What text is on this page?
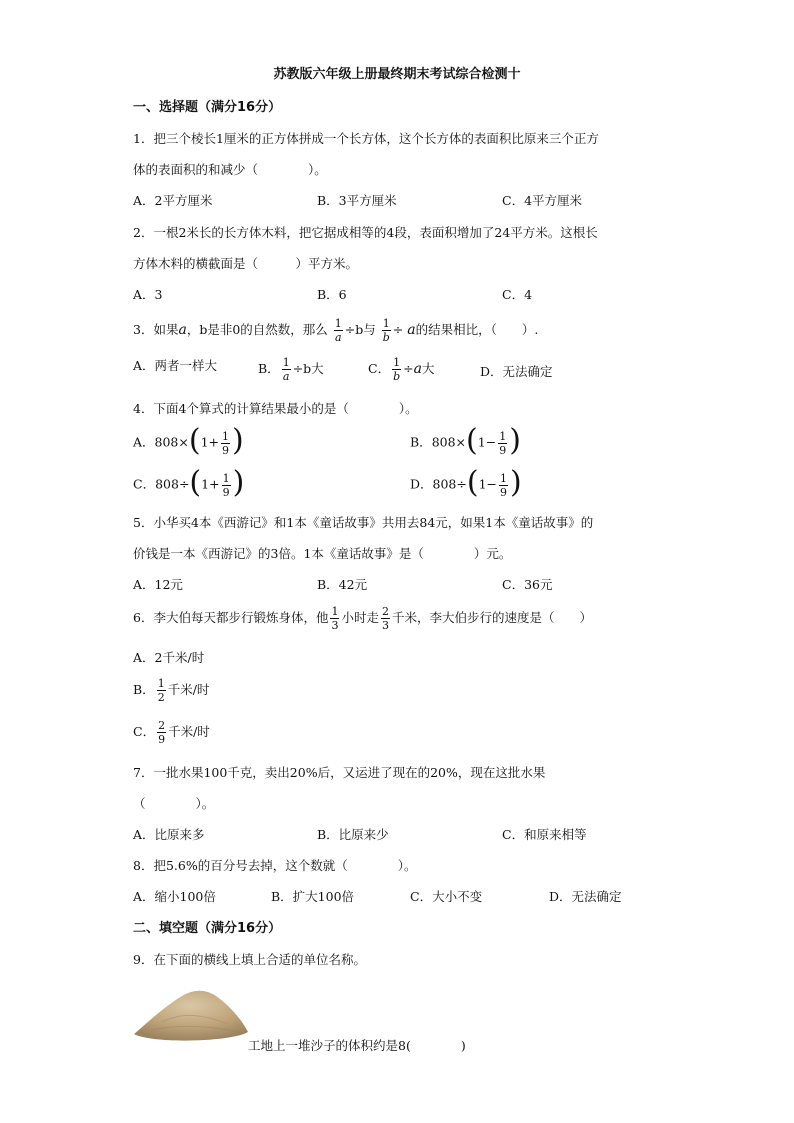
苏教版六年级上册最终期末考试综合检测十
一、选择题（满分16分）
1．把三个棱长1厘米的正方体拼成一个长方体，这个长方体的表面积比原来三个正方
体的表面积的和减少（　　　　）。
A．2平方厘米	B．3平方厘米	C．4平方厘米
2．一根2米长的长方体木料，把它据成相等的4段，表面积增加了24平方米。这根长
方体木料的横截面是（　　　）平方米。
A．3	B．6	C．4
3．如果a，b是非0的自然数，那么 $\frac{1}{a} \div b$与 $\frac{1}{b} \div a$的结果相比，（　　）.
A．两者一样大	B． $\frac{1}{a} \div b$大	C． $\frac{1}{b} \div a$大	D．无法确定
4．下面4个算式的计算结果最小的是（　　　　）。
A．$808\times(1+ \frac{1}{9}$ )	B．$808\times(1- \frac{1}{9}$ )
C．$808\div(1+ \frac{1}{9}$ )	D．$808\div(1- \frac{1}{9}$ )
5．小华买4本《西游记》和1本《童话故事》共用去84元，如果1本《童话故事》的
价钱是一本《西游记》的3倍。1本《童话故事》是（　　　　）元。
A．12元	B．42元	C．36元
6．李大伯每天都步行锻炼身体，他 $\frac{1}{3}$ 小时走 $\frac{2}{3}$ 千米，李大伯步行的速度是（　　）
A．2千米/时
B． $\frac{1}{2}$ 千米/时
C． $\frac{2}{9}$ 千米/时
7．一批水果100千克，卖出20%后，又运进了现在的20%，现在这批水果
（　　　　）。
A．比原来多	B．比原来少	C．和原来相等
8．把5.6%的百分号去掉，这个数就（　　　　）。
A．缩小100倍	B．扩大100倍	C．大小不变	D．无法确定
二、填空题（满分16分）
9．在下面的横线上填上合适的单位名称。
工地上一堆沙子的体积约是8(　　　　)
